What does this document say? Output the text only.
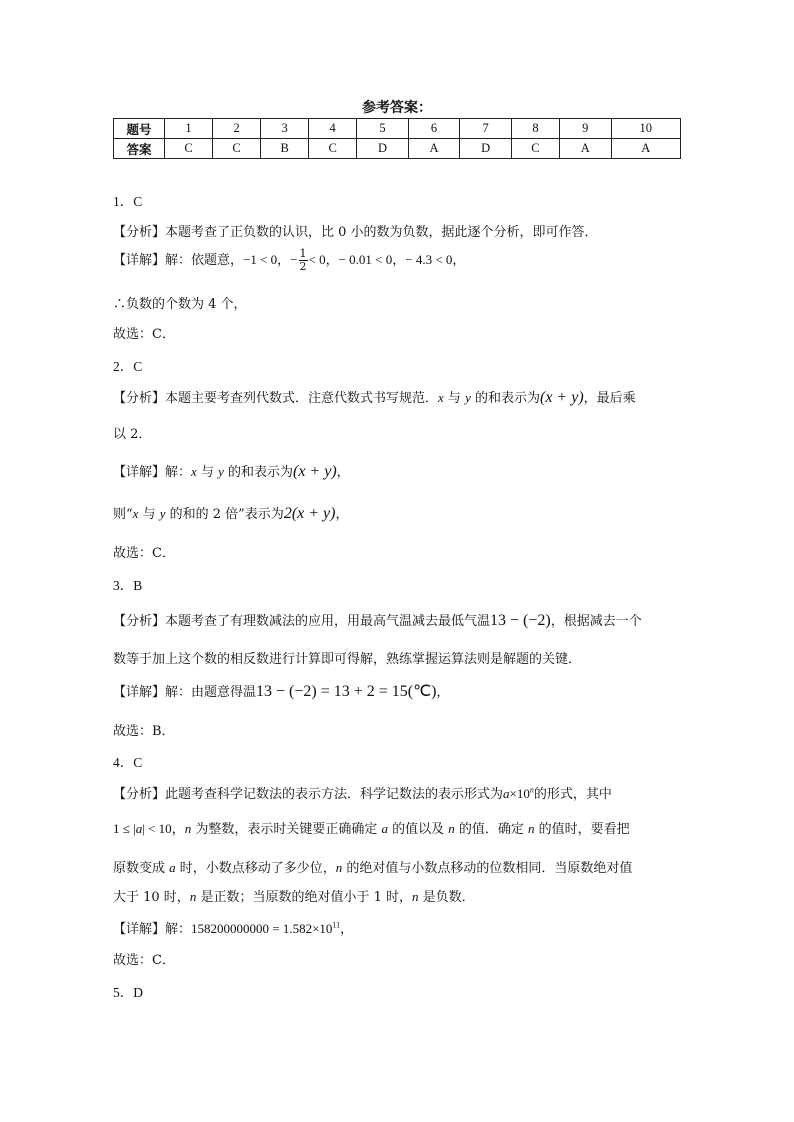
参考答案：
题号	1	2	3	4	5	6	7	8	9	10
答案	C	C	B	C	D	A	D	C	A	A
1．C
【分析】本题考查了正负数的认识，比 0 小的数为负数，据此逐个分析，即可作答．
【详解】解：依题意，−1 < 0，− $\frac{1}{2} < 0$，− 0.01 < 0，− 4.3 < 0，
∴负数的个数为 4 个，
故选：C．
2．C
【分析】本题主要考查列代数式．注意代数式书写规范．x 与 y 的和表示为(x + y)，最后乘
以 2．
【详解】解：x 与 y 的和表示为(x + y)，
则“x 与 y 的和的 2 倍”表示为2(x + y)，
故选：C．
3．B
【分析】本题考查了有理数减法的应用，用最高气温减去最低气温13 − (−2)，根据减去一个
数等于加上这个数的相反数进行计算即可得解，熟练掌握运算法则是解题的关键．
【详解】解：由题意得温13 − (−2) = 13 + 2 = 15(℃)，
故选：B．
4．C
【分析】此题考查科学记数法的表示方法．科学记数法的表示形式为$a\times 10^n$的形式，其中
1 ≤ |a| < 10，n 为整数，表示时关键要正确确定 a 的值以及 n 的值．确定 n 的值时，要看把
原数变成 a 时，小数点移动了多少位，n 的绝对值与小数点移动的位数相同．当原数绝对值
大于 10 时，n 是正数；当原数的绝对值小于 1 时，n 是负数．
【详解】解：$158200000000 = 1.582\times 10^{11}$，
故选：C．
5．D
